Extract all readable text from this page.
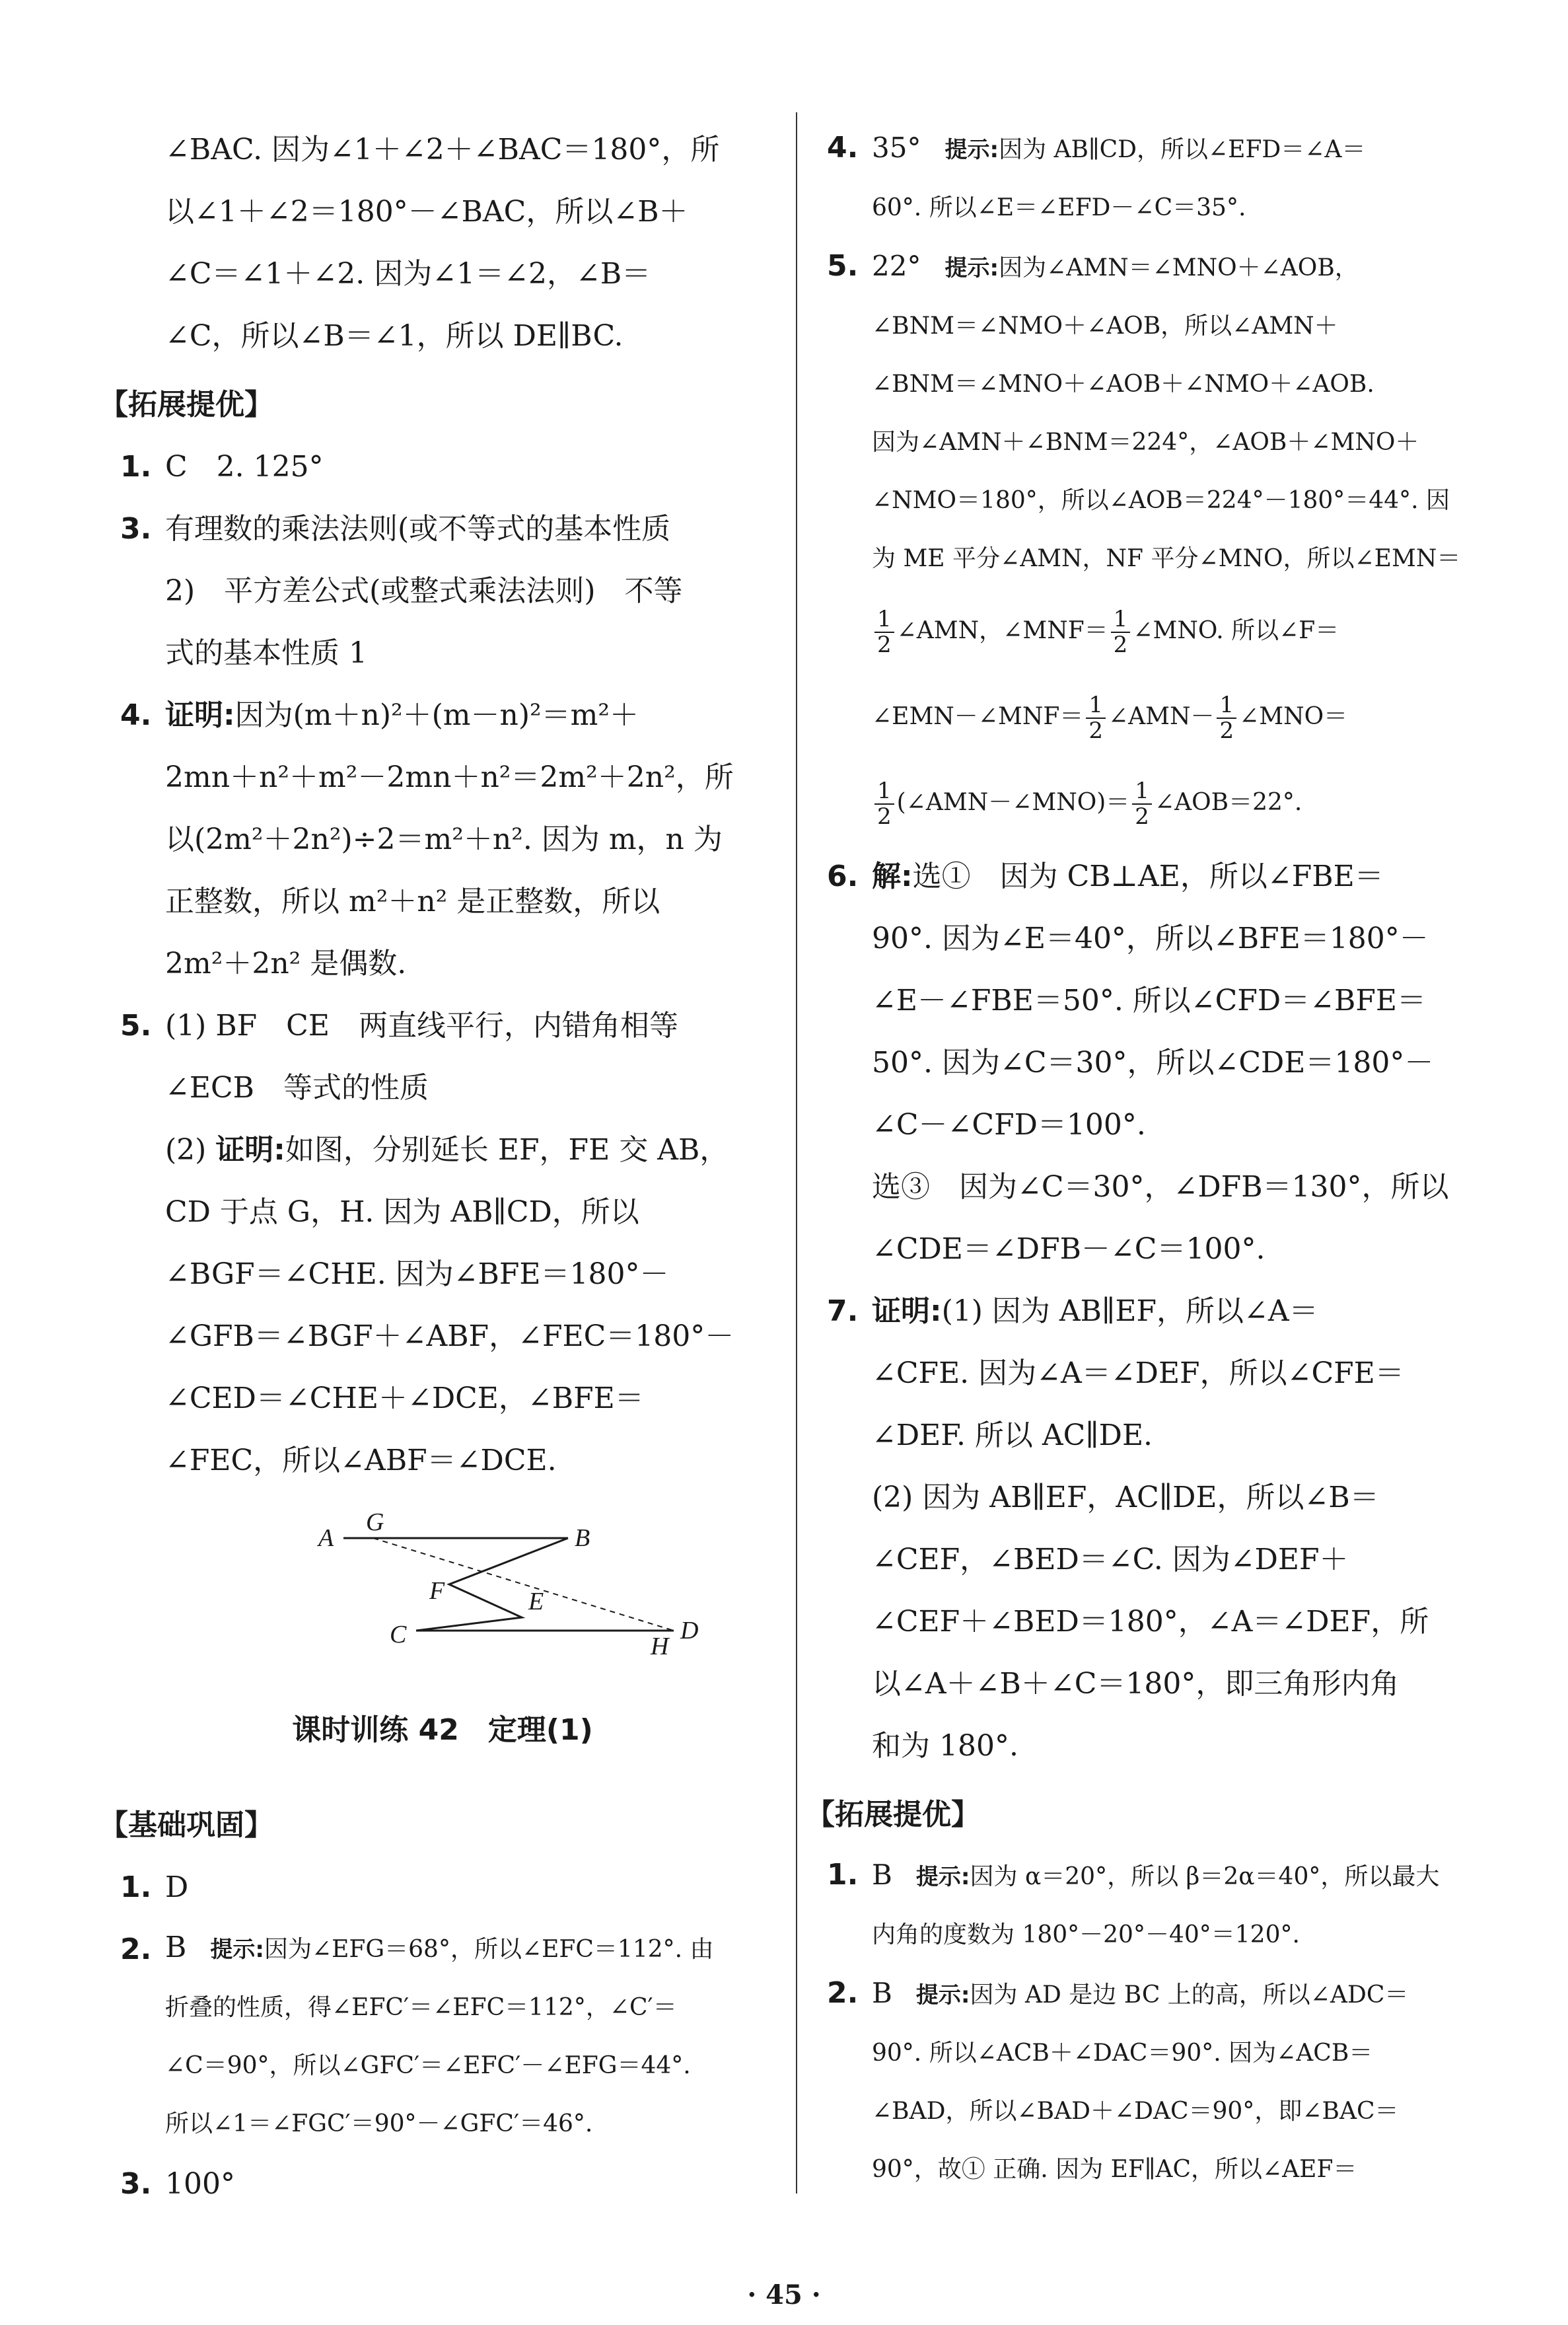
∠BAC. 因为∠1＋∠2＋∠BAC＝180°，所

以∠1＋∠2＝180°－∠BAC，所以∠B＋

∠C＝∠1＋∠2. 因为∠1＝∠2，∠B＝

∠C，所以∠B＝∠1，所以 DE∥BC.

【拓展提优】
1. C　2. 125°

3. 有理数的乘法法则(或不等式的基本性质

2)　平方差公式(或整式乘法法则)　不等

式的基本性质 1

4. 证明:因为(m＋n)²＋(m－n)²＝m²＋

2mn＋n²＋m²－2mn＋n²＝2m²＋2n²，所

以(2m²＋2n²)÷2＝m²＋n². 因为 m，n 为

正整数，所以 m²＋n² 是正整数，所以

2m²＋2n² 是偶数.

5. (1) BF　CE　两直线平行，内错角相等

∠ECB　等式的性质

(2) 证明:如图，分别延长 EF，FE 交 AB，

CD 于点 G，H. 因为 AB∥CD，所以

∠BGF＝∠CHE. 因为∠BFE＝180°－

∠GFB＝∠BGF＋∠ABF，∠FEC＝180°－

∠CED＝∠CHE＋∠DCE，∠BFE＝

∠FEC，所以∠ABF＝∠DCE.

A
G
B
F	E
C	H
D
课时训练 42　定理(1)
【基础巩固】
1. D

2. B　 提示:因为∠EFG＝68°，所以∠EFC＝112°. 由

折叠的性质，得∠EFC′＝∠EFC＝112°，∠C′＝

∠C＝90°，所以∠GFC′＝∠EFC′－∠EFG＝44°.

所以∠1＝∠FGC′＝90°－∠GFC′＝46°.

3. 100°

4. 35°　 提示:因为 AB∥CD，所以∠EFD＝∠A＝

60°. 所以∠E＝∠EFD－∠C＝35°.

5. 22°　 提示:因为∠AMN＝∠MNO＋∠AOB，

∠BNM＝∠NMO＋∠AOB，所以∠AMN＋

∠BNM＝∠MNO＋∠AOB＋∠NMO＋∠AOB.

因为∠AMN＋∠BNM＝224°，∠AOB＋∠MNO＋

∠NMO＝180°，所以∠AOB＝224°－180°＝44°. 因

为 ME 平分∠AMN，NF 平分∠MNO，所以∠EMN＝

$\frac{1}{2}$ ∠AMN，∠MNF＝ $\frac{1}{2}$ ∠MNO. 所以∠F＝

∠EMN－∠MNF＝ $\frac{1}{2}$ ∠AMN－ $\frac{1}{2}$ ∠MNO＝

$\frac{1}{2}$ (∠AMN－∠MNO)＝ $\frac{1}{2}$ ∠AOB＝22°.

6. 解:选①　因为 CB⊥AE，所以∠FBE＝

90°. 因为∠E＝40°，所以∠BFE＝180°－

∠E－∠FBE＝50°. 所以∠CFD＝∠BFE＝

50°. 因为∠C＝30°，所以∠CDE＝180°－

∠C－∠CFD＝100°.

选③　因为∠C＝30°，∠DFB＝130°，所以

∠CDE＝∠DFB－∠C＝100°.

7. 证明:(1) 因为 AB∥EF，所以∠A＝

∠CFE. 因为∠A＝∠DEF，所以∠CFE＝

∠DEF. 所以 AC∥DE.

(2) 因为 AB∥EF，AC∥DE，所以∠B＝

∠CEF，∠BED＝∠C. 因为∠DEF＋

∠CEF＋∠BED＝180°，∠A＝∠DEF，所

以∠A＋∠B＋∠C＝180°，即三角形内角

和为 180°.

【拓展提优】
1. B　 提示:因为 α＝20°，所以 β＝2α＝40°，所以最大

内角的度数为 180°－20°－40°＝120°.

2. B　 提示:因为 AD 是边 BC 上的高，所以∠ADC＝

90°. 所以∠ACB＋∠DAC＝90°. 因为∠ACB＝

∠BAD，所以∠BAD＋∠DAC＝90°，即∠BAC＝

90°，故① 正确. 因为 EF∥AC，所以∠AEF＝

· 45 ·
